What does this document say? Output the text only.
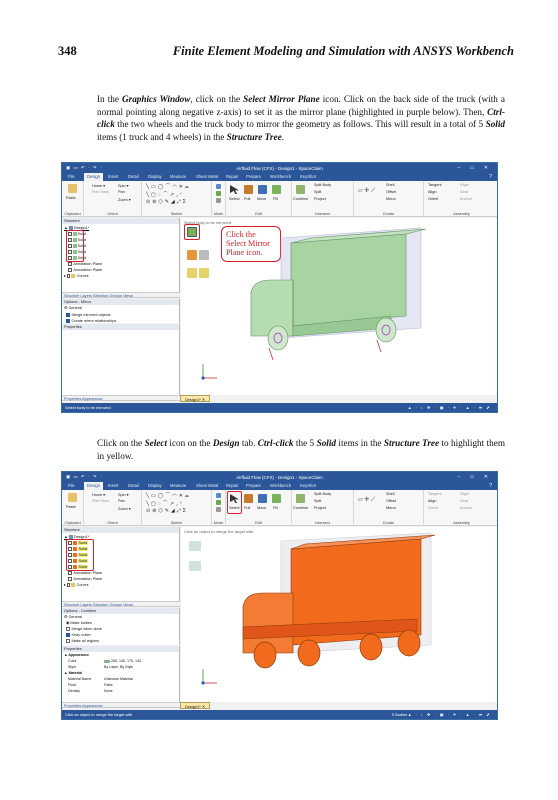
348	Finite Element Modeling and Simulation with ANSYS Workbench

In the Graphics Window, click on the Select Mirror Plane icon. Click on the back side of the truck (with a normal pointing along negative z-axis) to set it as the mirror plane (highlighted in purple below). Then, Ctrl-click the two wheels and the truck body to mirror the geometry as follows. This will result in a total of 5 Solid items (1 truck and 4 wheels) in the Structure Tree.

▣ ▭ ↶ · ↷ ·	Airfluid Flow (CFX) - Design1 - SpaceClaim	– ▭ ✕
File	Design	Insert Detail Display Measure Sheet Metal Repair Prepare Workbench KeyShot	?
Paste
Clipboard
Home ▾
Plan View
Spin ▾
Pan
Zoom ▾
Orient
╲▭◯⌒◠✕⌓
╲▢◌⌒↗◞◜
⊙⊘⬡✎◢⤢Σ
Sketch	Mode
Select Pull Move Fill
Edit
Combine
Split Body
Split
Project
Intersect
▱ ✛ ⟋
Shell
Offset
Mirror
Create
Tangent
Align
Orient
Rigid
Gear
Anchor
Assembly
Structure
▲ Design1*
Solid
Solid
Solid
Solid
Solid
Annotation Plane
Annotation Plane
▸	Curves
Structure Layers Selection Groups Views
Options - Mirror
⚙ General
Merge mirrored objects
Create mirror relationships
Properties
Properties Appearance
Select body to be mirrored.
Click the
Select Mirror
Plane icon.
Design1* ✕
Select body to be mirrored	▲ · ↕ ✥ · ▣ · ✢ · ▲ · ⬌ ⬈

Click on the Select icon on the Design tab. Ctrl-click the 5 Solid items in the Structure Tree to highlight them in yellow.

▣ ▭ ↶ · ↷ ·	Airfluid Flow (CFX) - Design1 - SpaceClaim	– ▭ ✕
File	Design	Insert Detail Display Measure Sheet Metal Repair Prepare Workbench KeyShot	?
Paste
Clipboard
Home ▾
Plan View
Spin ▾
Pan
Zoom ▾
Orient
╲▭◯⌒◠✕⌓
╲▢◌⌒↗◞◜
⊙⊘⬡✎◢⤢Σ
Sketch	Mode
Select Pull Move Fill
Edit
Combine
Split Body
Split
Project
Intersect
▱ ✛ ⟋
Shell
Offset
Mirror
Create
Tangent
Align
Orient
Rigid
Gear
Anchor
Assembly
Structure
▲ Design1*
Solid
Solid
Solid
Solid
Solid
Annotation Plane
Annotation Plane
▸	Curves
Structure Layers Selection Groups Views
Options - Combine
⚙ General
◉ Make bodies
Merge when done
Keep cutter
Make all regions
Properties
▲ Appearance
Color	255, 140, 175, 143
Style	By Layer, By Style
▲ Material
Material Name	Unknown Material
Fluid	False
Density	None
Properties Appearance
Click an object to merge the target with.
Design1* ✕
Click an object to merge the target with.	5 Bodies ▲ · ↕ ✥ · ▣ · ✢ · ▲ · ⬌ ⬈
